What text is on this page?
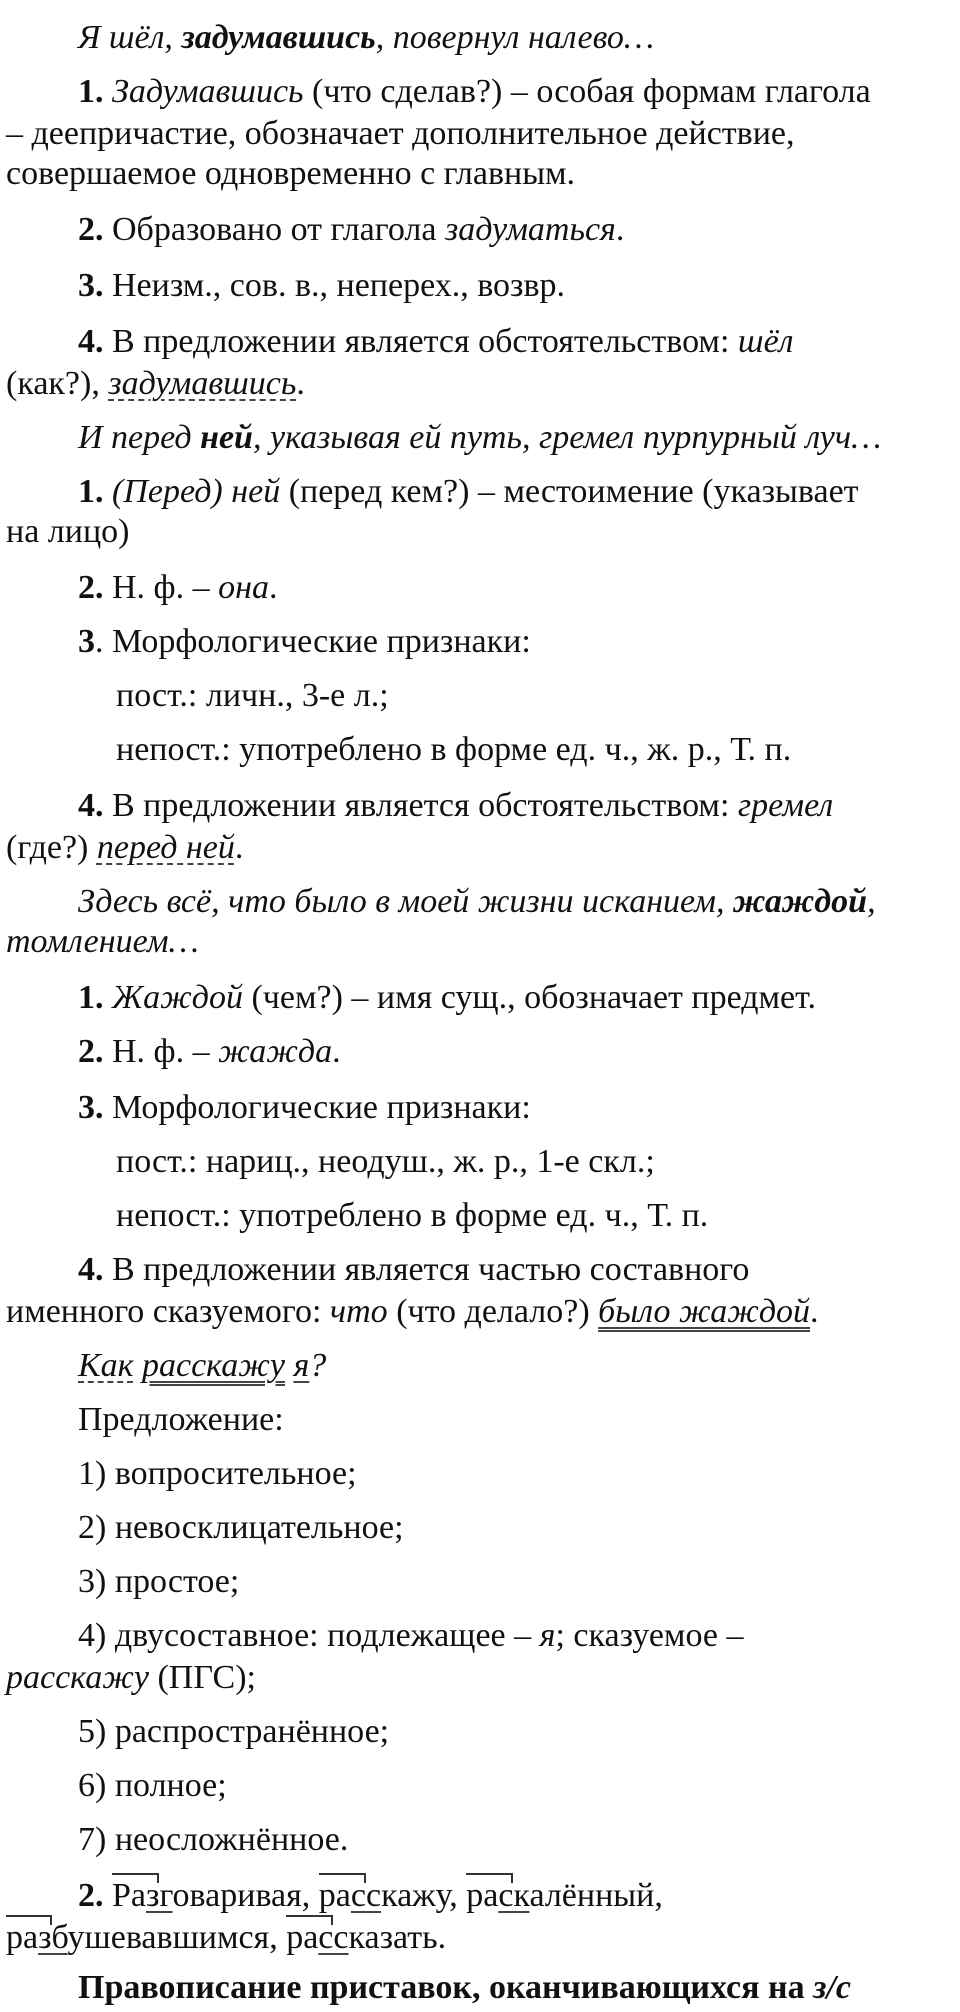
Я шёл, задумавшись, повернул налево…
1. Задумавшись (что сделав?) – особая формам глагола
– деепричастие, обозначает дополнительное действие,
совершаемое одновременно с главным.
2. Образовано от глагола задуматься.
3. Неизм., сов. в., неперех., возвр.
4. В предложении является обстоятельством: шёл
(как?), задумавшись.
И перед ней, указывая ей путь, гремел пурпурный луч…
1. (Перед) ней (перед кем?) – местоимение (указывает
на лицо)
2. Н. ф. – она.
3. Морфологические признаки:
пост.: личн., 3-е л.;
непост.: употреблено в форме ед. ч., ж. р., Т. п.
4. В предложении является обстоятельством: гремел
(где?) перед ней.
Здесь всё, что было в моей жизни исканием, жаждой,
томлением…
1. Жаждой (чем?) – имя сущ., обозначает предмет.
2. Н. ф. – жажда.
3. Морфологические признаки:
пост.: нариц., неодуш., ж. р., 1-е скл.;
непост.: употреблено в форме ед. ч., Т. п.
4. В предложении является частью составного
именного сказуемого: что (что делало?) было жаждой.
Как расскажу я?
Предложение:
1) вопросительное;
2) невосклицательное;
3) простое;
4) двусоставное: подлежащее – я; сказуемое –
расскажу (ПГС);
5) распространённое;
6) полное;
7) неосложнённое.
2. Разговаривая, расскажу, раскалённый,
разбушевавшимся, рассказать.
Правописание приставок, оканчивающихся на з/с
